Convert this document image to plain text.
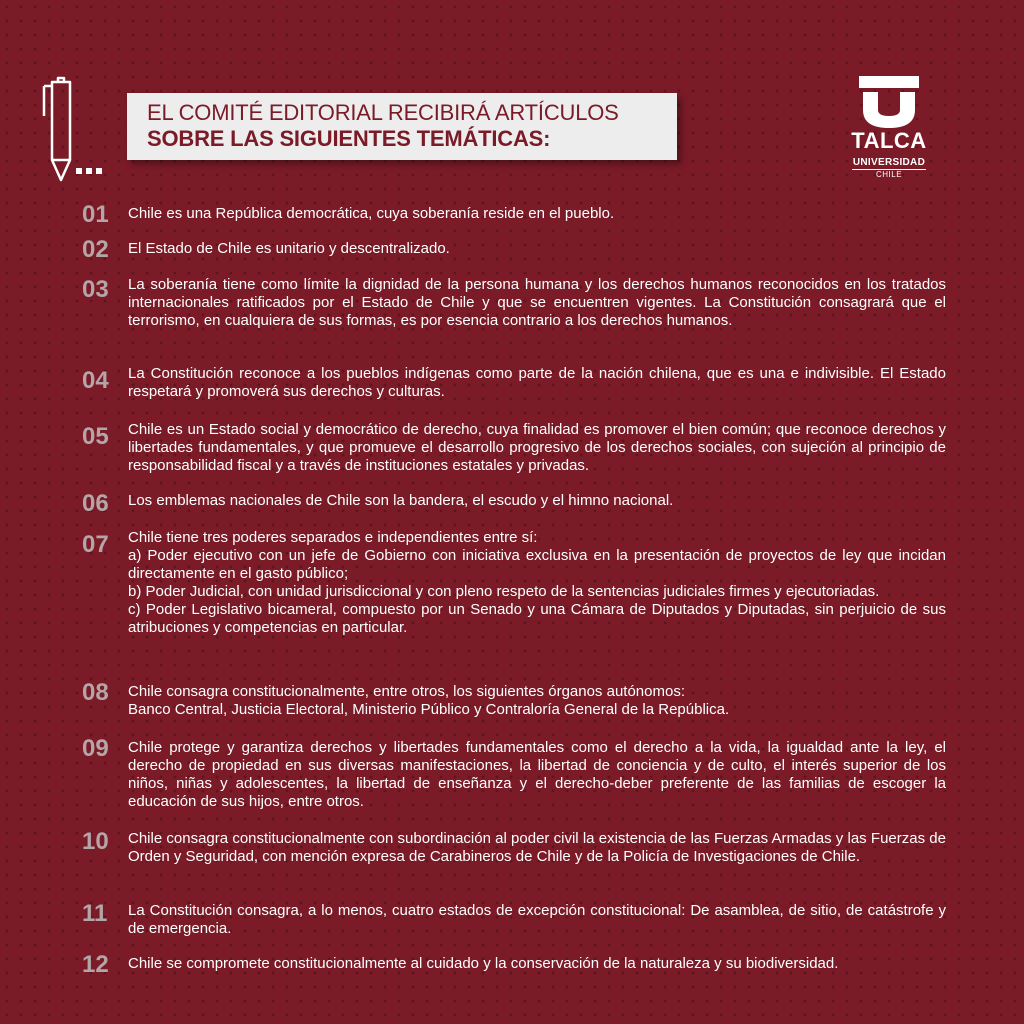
EL COMITÉ EDITORIAL RECIBIRÁ ARTÍCULOS
SOBRE LAS SIGUIENTES TEMÁTICAS:	TALCA
UNIVERSIDAD
CHILE
01	Chile es una República democrática, cuya soberanía reside en el pueblo.
02	El Estado de Chile es unitario y descentralizado.
03	La soberanía tiene como límite la dignidad de la persona humana y los derechos humanos reconocidos en los tratados internacionales ratificados por el Estado de Chile y que se encuentren vigentes. La Constitución consagrará que el terrorismo, en cualquiera de sus formas, es por esencia contrario a los derechos humanos.
04	La Constitución reconoce a los pueblos indígenas como parte de la nación chilena, que es una e indivisible. El Estado respetará y promoverá sus derechos y culturas.
05	Chile es un Estado social y democrático de derecho, cuya finalidad es promover el bien común; que reconoce derechos y libertades fundamentales, y que promueve el desarrollo progresivo de los derechos sociales, con sujeción al principio de responsabilidad fiscal y a través de instituciones estatales y privadas.
06	Los emblemas nacionales de Chile son la bandera, el escudo y el himno nacional.
07	Chile tiene tres poderes separados e independientes entre sí:
a) Poder ejecutivo con un jefe de Gobierno con iniciativa exclusiva en la presentación de proyectos de ley que incidan directamente en el gasto público;
b) Poder Judicial, con unidad jurisdiccional y con pleno respeto de la sentencias judiciales firmes y ejecutoriadas.
c) Poder Legislativo bicameral, compuesto por un Senado y una Cámara de Diputados y Diputadas, sin perjuicio de sus atribuciones y competencias en particular.
08	Chile consagra constitucionalmente, entre otros, los siguientes órganos autónomos:
Banco Central, Justicia Electoral, Ministerio Público y Contraloría General de la República.
09	Chile protege y garantiza derechos y libertades fundamentales como el derecho a la vida, la igualdad ante la ley, el derecho de propiedad en sus diversas manifestaciones, la libertad de conciencia y de culto, el interés superior de los niños, niñas y adolescentes, la libertad de enseñanza y el derecho-deber preferente de las familias de escoger la educación de sus hijos, entre otros.
10	Chile consagra constitucionalmente con subordinación al poder civil la existencia de las Fuerzas Armadas y las Fuerzas de Orden y Seguridad, con mención expresa de Carabineros de Chile y de la Policía de Investigaciones de Chile.
11	La Constitución consagra, a lo menos, cuatro estados de excepción constitucional: De asamblea, de sitio, de catástrofe y de emergencia.
12	Chile se compromete constitucionalmente al cuidado y la conservación de la naturaleza y su biodiversidad.
